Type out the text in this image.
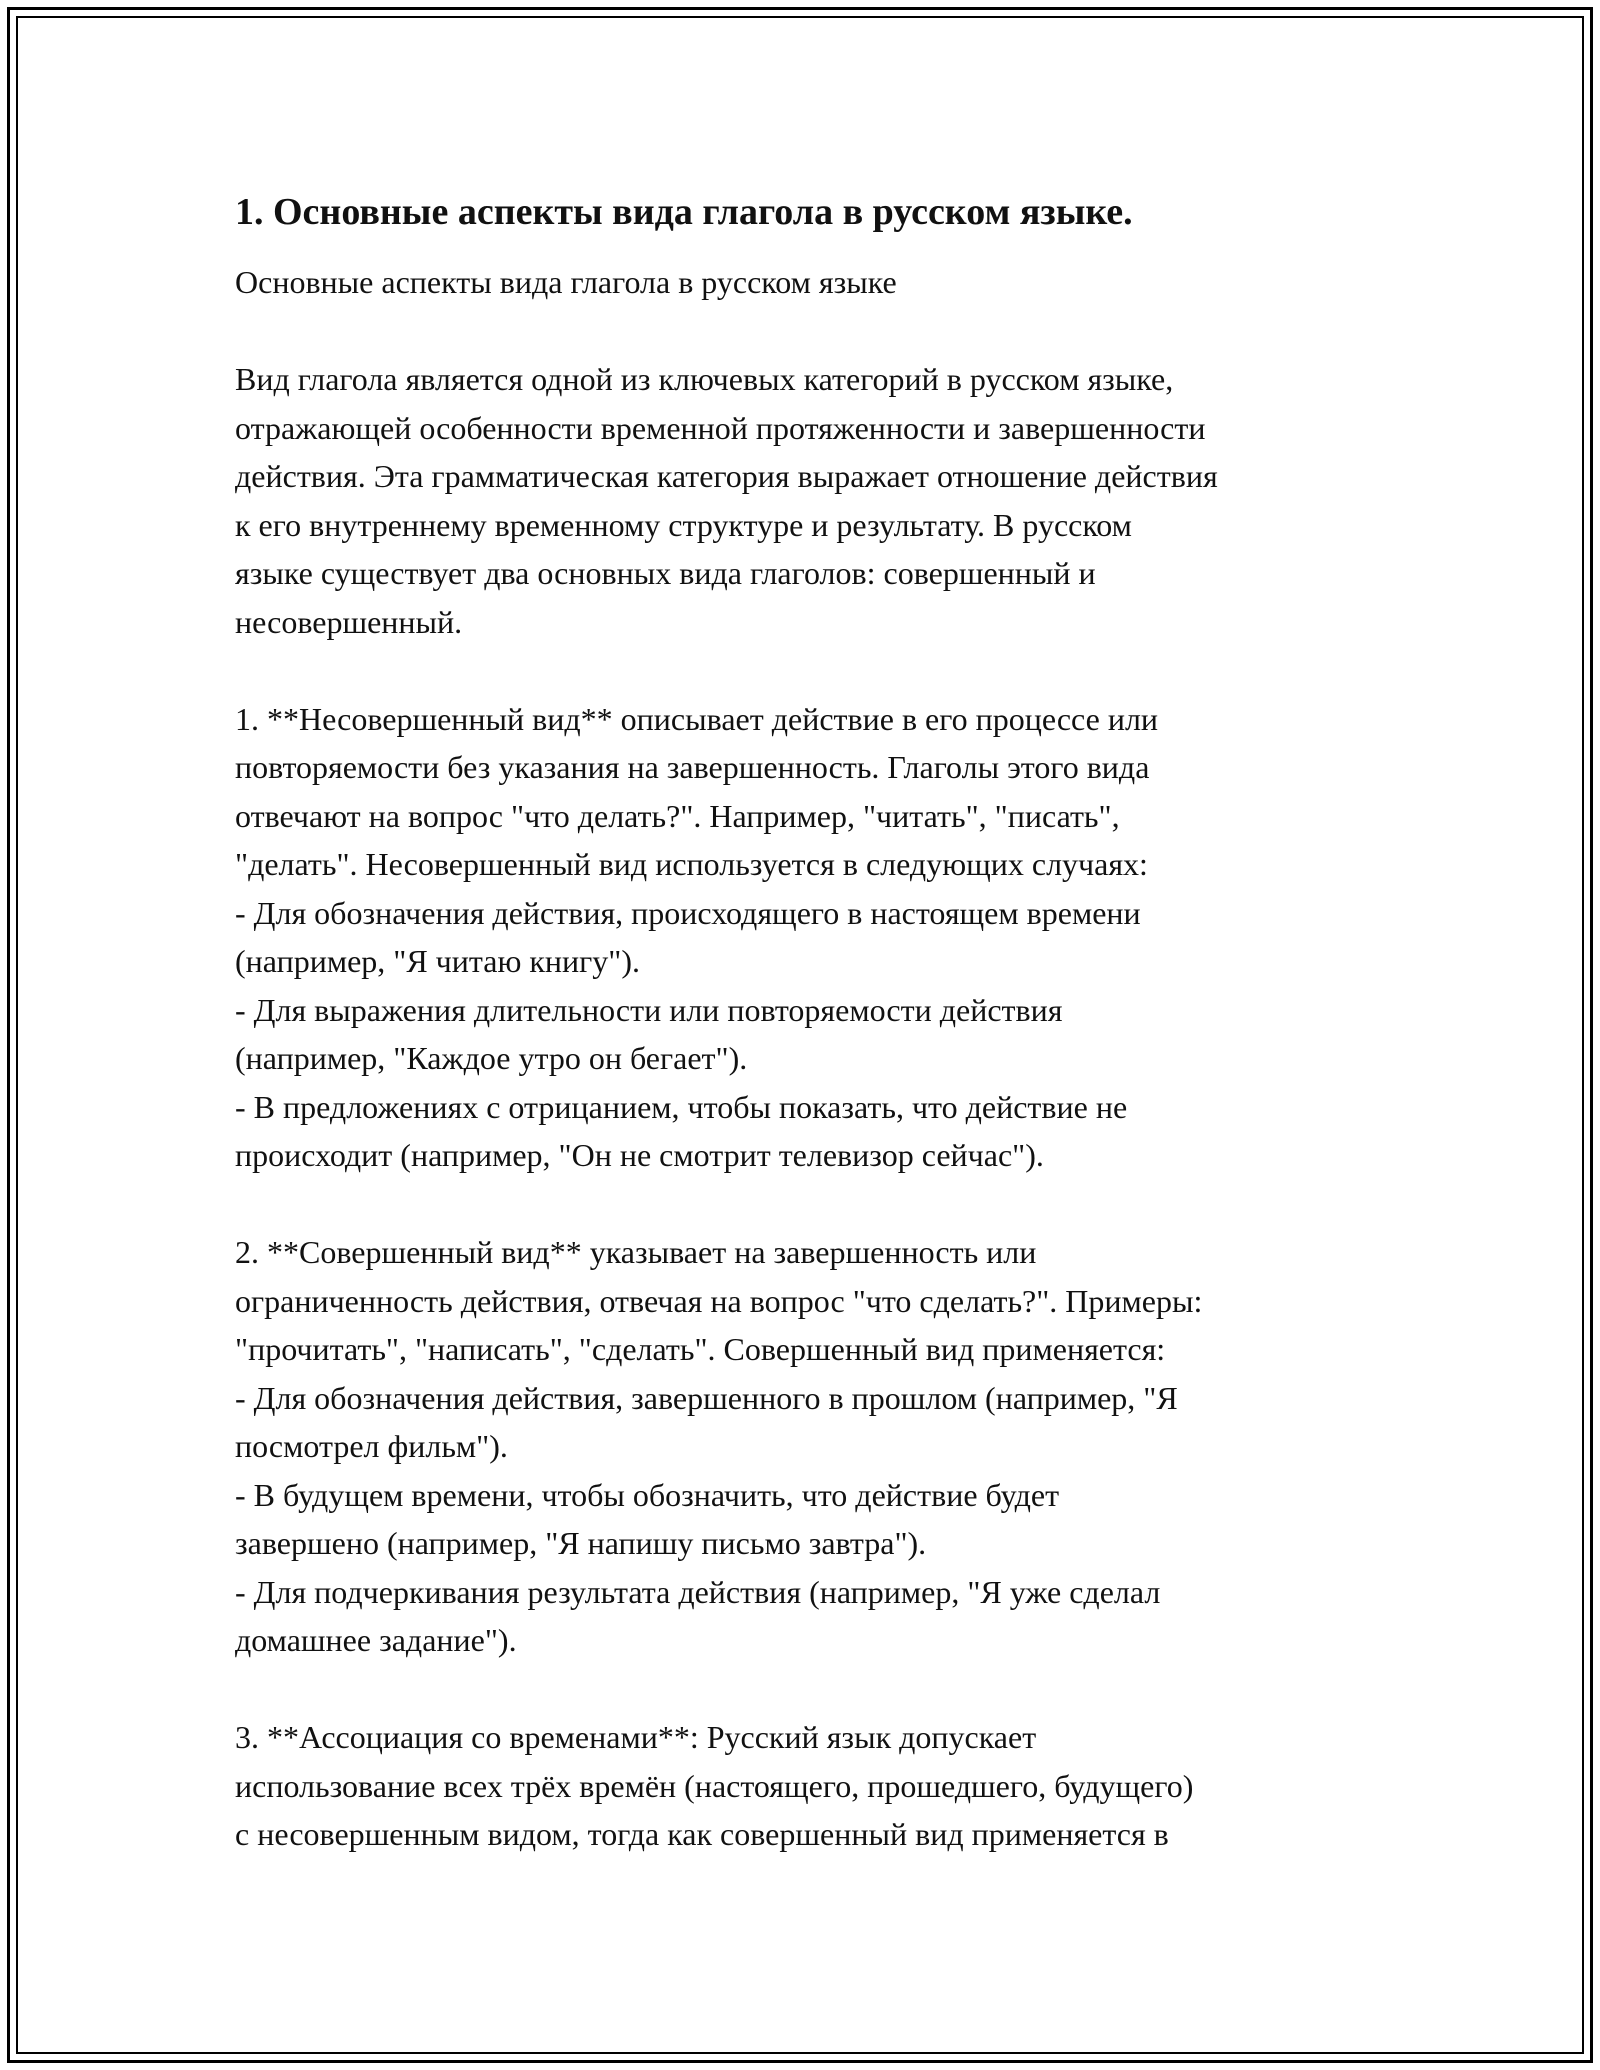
1. Основные аспекты вида глагола в русском языке.

Основные аспекты вида глагола в русском языке

Вид глагола является одной из ключевых категорий в русском языке,
отражающей особенности временной протяженности и завершенности
действия. Эта грамматическая категория выражает отношение действия
к его внутреннему временному структуре и результату. В русском
языке существует два основных вида глаголов: совершенный и
несовершенный.

1. **Несовершенный вид** описывает действие в его процессе или
повторяемости без указания на завершенность. Глаголы этого вида
отвечают на вопрос "что делать?". Например, "читать", "писать",
"делать". Несовершенный вид используется в следующих случаях:
- Для обозначения действия, происходящего в настоящем времени
(например, "Я читаю книгу").
- Для выражения длительности или повторяемости действия
(например, "Каждое утро он бегает").
- В предложениях с отрицанием, чтобы показать, что действие не
происходит (например, "Он не смотрит телевизор сейчас").

2. **Совершенный вид** указывает на завершенность или
ограниченность действия, отвечая на вопрос "что сделать?". Примеры:
"прочитать", "написать", "сделать". Совершенный вид применяется:
- Для обозначения действия, завершенного в прошлом (например, "Я
посмотрел фильм").
- В будущем времени, чтобы обозначить, что действие будет
завершено (например, "Я напишу письмо завтра").
- Для подчеркивания результата действия (например, "Я уже сделал
домашнее задание").

3. **Ассоциация со временами**: Русский язык допускает
использование всех трёх времён (настоящего, прошедшего, будущего)
с несовершенным видом, тогда как совершенный вид применяется в
